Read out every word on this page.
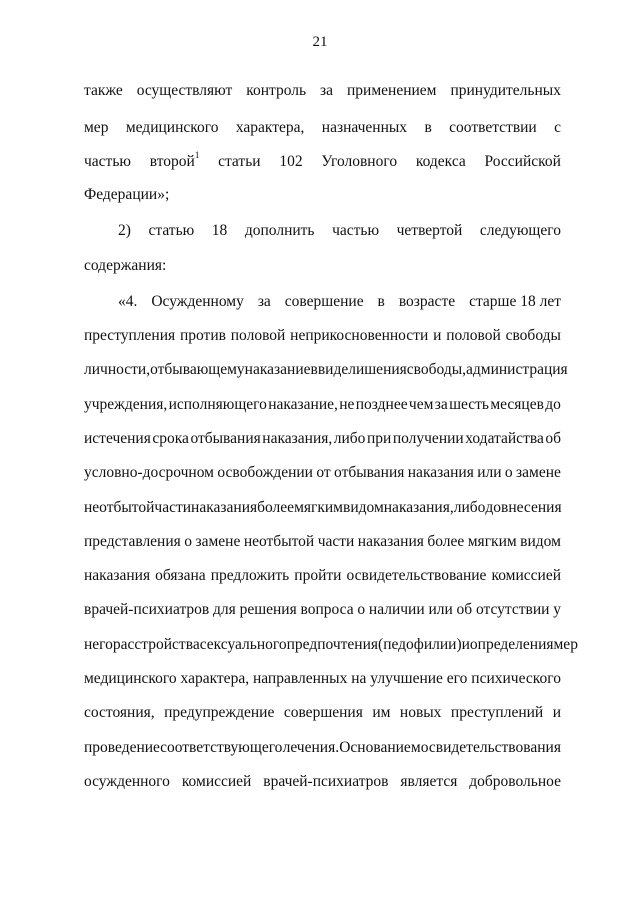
21
также осуществляют контроль за применением принудительных
мер медицинского характера, назначенных в соответствии с
частью второй$^1$ статьи 102 Уголовного кодекса Российской
Федерации»;
2) статью 18 дополнить частью четвертой следующего
содержания:
«4. Осужденному за совершение в возрасте старше 18 лет
преступления против половой неприкосновенности и половой свободы
личности, отбывающему наказание в виде лишения свободы, администрация
учреждения, исполняющего наказание, не позднее чем за шесть месяцев до
истечения срока отбывания наказания, либо при получении ходатайства об
условно-досрочном освобождении от отбывания наказания или о замене
неотбытой части наказания более мягким видом наказания, либо до внесения
представления о замене неотбытой части наказания более мягким видом
наказания обязана предложить пройти освидетельствование комиссией
врачей-психиатров для решения вопроса о наличии или об отсутствии у
него расстройства сексуального предпочтения (педофилии) и определения мер
медицинского характера, направленных на улучшение его психического
состояния, предупреждение совершения им новых преступлений и
проведение соответствующего лечения. Основанием освидетельствования
осужденного комиссией врачей-психиатров является добровольное
